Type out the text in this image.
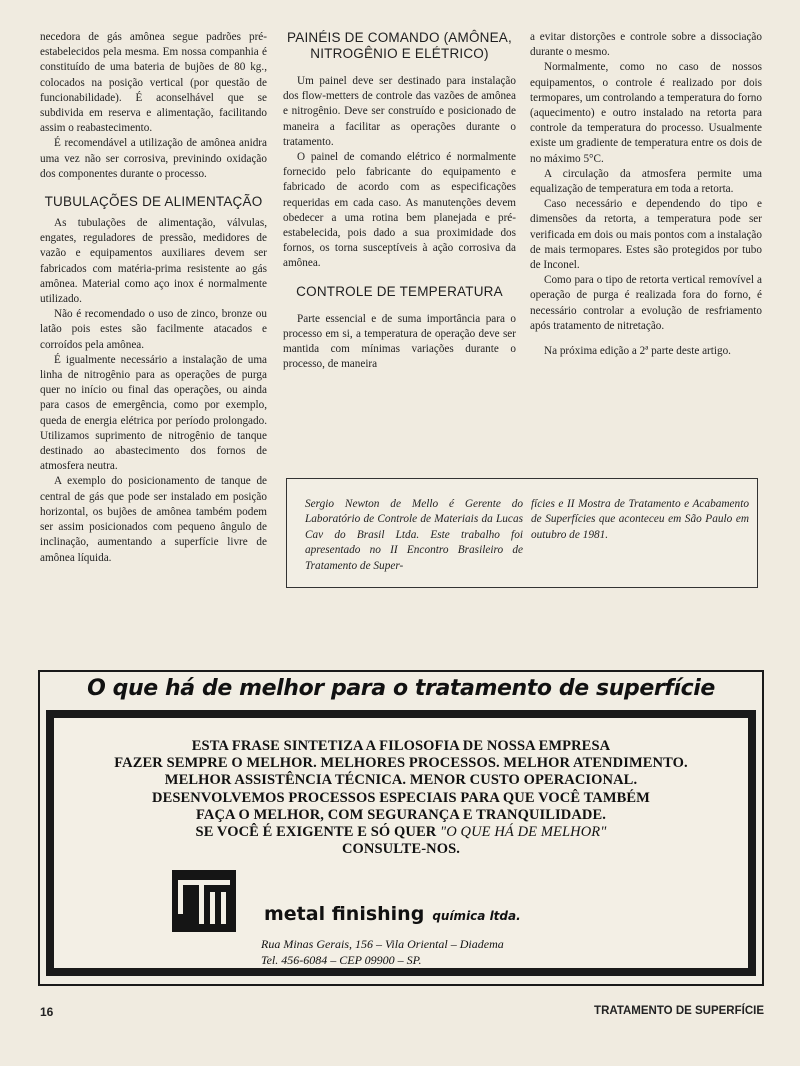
necedora de gás amônea segue padrões pré-estabelecidos pela mesma. Em nossa companhia é constituído de uma bateria de bujões de 80 kg., colocados na posição vertical (por questão de funcionabilidade). É aconselhável que se subdivida em reserva e alimentação, facilitando assim o reabastecimento.

É recomendável a utilização de amônea anidra uma vez não ser corrosiva, previnindo oxidação dos componentes durante o processo.

TUBULAÇÕES DE ALIMENTAÇÃO

As tubulações de alimentação, válvulas, engates, reguladores de pressão, medidores de vazão e equipamentos auxiliares devem ser fabricados com matéria-prima resistente ao gás amônea. Material como aço inox é normalmente utilizado.

Não é recomendado o uso de zinco, bronze ou latão pois estes são facilmente atacados e corroídos pela amônea.

É igualmente necessário a instalação de uma linha de nitrogênio para as operações de purga quer no início ou final das operações, ou ainda para casos de emergência, como por exemplo, queda de energia elétrica por período prolongado. Utilizamos suprimento de nitrogênio de tanque destinado ao abastecimento dos fornos de atmosfera neutra.

A exemplo do posicionamento de tanque de central de gás que pode ser instalado em posição horizontal, os bujões de amônea também podem ser assim posicionados com pequeno ângulo de inclinação, aumentando a superfície livre de amônea líquida.

PAINÉIS DE COMANDO (AMÔNEA, NITROGÊNIO E ELÉTRICO)

Um painel deve ser destinado para instalação dos flow-metters de controle das vazões de amônea e nitrogênio. Deve ser construído e posicionado de maneira a facilitar as operações durante o tratamento.

O painel de comando elétrico é normalmente fornecido pelo fabricante do equipamento e fabricado de acordo com as especificações requeridas em cada caso. As manutenções devem obedecer a uma rotina bem planejada e pré-estabelecida, pois dado a sua proximidade dos fornos, os torna susceptíveis à ação corrosiva da amônea.

CONTROLE DE TEMPERATURA

Parte essencial e de suma importância para o processo em si, a temperatura de operação deve ser mantida com mínimas variações durante o processo, de maneira

a evitar distorções e controle sobre a dissociação durante o mesmo.

Normalmente, como no caso de nossos equipamentos, o controle é realizado por dois termopares, um controlando a temperatura do forno (aquecimento) e outro instalado na retorta para controle da temperatura do processo. Usualmente existe um gradiente de temperatura entre os dois de no máximo 5°C.

A circulação da atmosfera permite uma equalização de temperatura em toda a retorta.

Caso necessário e dependendo do tipo e dimensões da retorta, a temperatura pode ser verificada em dois ou mais pontos com a instalação de mais termopares. Estes são protegidos por tubo de Inconel.

Como para o tipo de retorta vertical removível a operação de purga é realizada fora do forno, é necessário controlar a evolução de resfriamento após tratamento de nitretação.

Na próxima edição a 2ª parte deste artigo.

Sergio Newton de Mello é Gerente do Laboratório de Controle de Materiais da Lucas Cav do Brasil Ltda. Este trabalho foi apresentado no II Encontro Brasileiro de Tratamento de Super-
fícies e II Mostra de Tratamento e Acabamento de Superfícies que aconteceu em São Paulo em outubro de 1981.
O que há de melhor para o tratamento de superfície
ESTA FRASE SINTETIZA A FILOSOFIA DE NOSSA EMPRESA
FAZER SEMPRE O MELHOR. MELHORES PROCESSOS. MELHOR ATENDIMENTO.
MELHOR ASSISTÊNCIA TÉCNICA. MENOR CUSTO OPERACIONAL.
DESENVOLVEMOS PROCESSOS ESPECIAIS PARA QUE VOCÊ TAMBÉM
FAÇA O MELHOR, COM SEGURANÇA E TRANQUILIDADE.
SE VOCÊ É EXIGENTE E SÓ QUER "O QUE HÁ DE MELHOR"
CONSULTE-NOS.
metal finishing química ltda.
Rua Minas Gerais, 156 – Vila Oriental – Diadema
Tel. 456-6084 – CEP 09900 – SP.
16	TRATAMENTO DE SUPERFÍCIE
